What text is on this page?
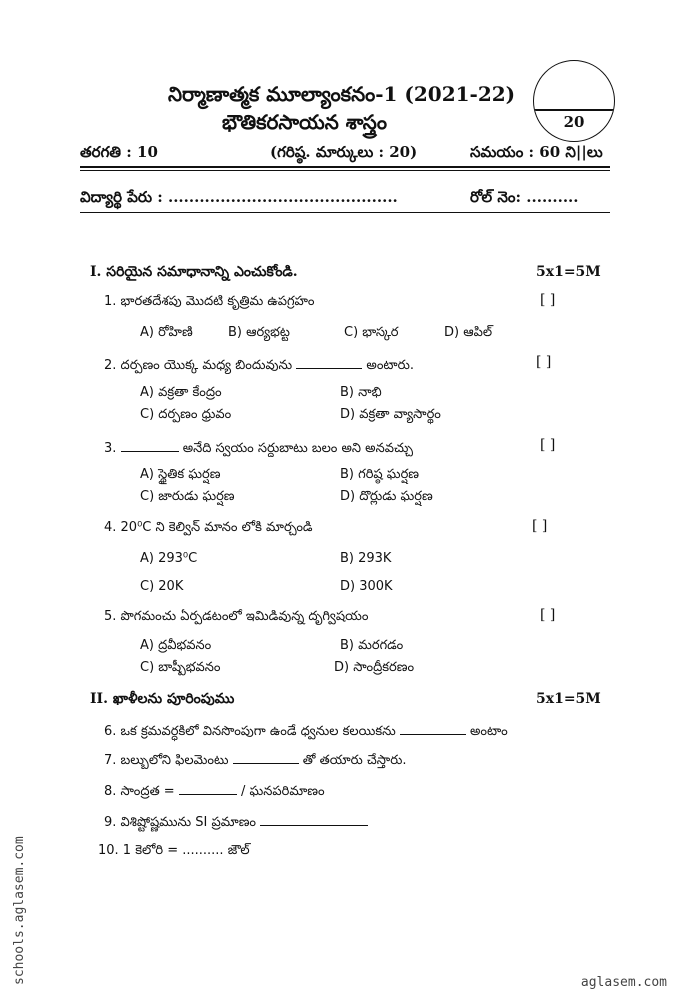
నిర్మాణాత్మక మూల్యాంకనం-1 (2021-22)
భౌతికరసాయన శాస్త్రం	20
తరగతి : 10	(గరిష్ఠ. మార్కులు : 20)	సమయం : 60 ని||లు
విద్యార్థి పేరు : ............................................	రోల్ నెం: ..........
I. సరియైన సమాధానాన్ని ఎంచుకోండి.	5x1=5M
1. భారతదేశపు మొదటి కృత్రిమ ఉపగ్రహం	[ ]
A) రోహిణి	B) ఆర్యభట్ట	C) భాస్కర	D) ఆపిల్
2. దర్పణం యొక్క మధ్య బిందువును	అంటారు.	[ ]
A) వక్రతా కేంద్రం	B) నాభి
C) దర్పణం ధ్రువం	D) వక్రతా వ్యాసార్థం
3.	అనేది స్వయం సర్దుబాటు బలం అని అనవచ్చు	[ ]
A) స్థైతిక ఘర్షణ	B) గరిష్ఠ ఘర్షణ
C) జారుడు ఘర్షణ	D) దొర్లుడు ఘర్షణ
4. 20⁰C ని కెల్విన్ మానం లోకి మార్చండి	[ ]
A) 293⁰C	B) 293K
C) 20K	D) 300K
5. పొగమంచు ఏర్పడటంలో ఇమిడివున్న దృగ్విషయం	[ ]
A) ద్రవీభవనం	B) మరగడం
C) బాష్పీభవనం	D) సాంద్రీకరణం
II. ఖాళీలను పూరింపుము	5x1=5M
6. ఒక క్రమవర్ధకిలో వినసొంపుగా ఉండే ధ్వనుల కలయికను	అంటాం
7. బల్బులోని ఫిలమెంటు	తో తయారు చేస్తారు.
8. సాంద్రత =	/ ఘనపరిమాణం
9. విశిష్టోష్ణమును SI ప్రమాణం
10. 1 కెలోరి = .......... జౌల్
schools.aglasem.com	aglasem.com
